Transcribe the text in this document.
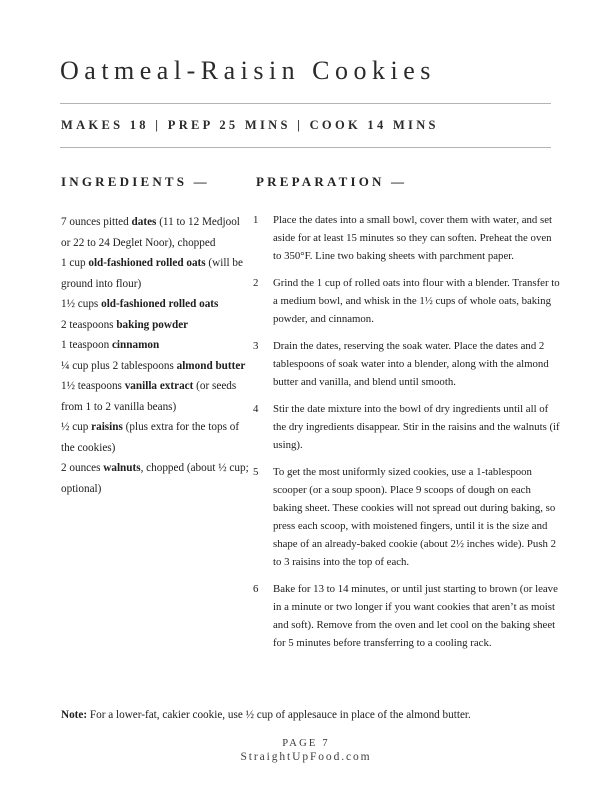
Oatmeal-Raisin Cookies
MAKES 18 | PREP 25 MINS | COOK 14 MINS
INGREDIENTS —	PREPARATION —

7 ounces pitted dates (11 to 12 Medjool or 22 to 24 Deglet Noor), chopped

1 cup old-fashioned rolled oats (will be ground into flour)

1½ cups old-fashioned rolled oats

2 teaspoons baking powder

1 teaspoon cinnamon

¼ cup plus 2 tablespoons almond butter

1½ teaspoons vanilla extract (or seeds from 1 to 2 vanilla beans)

½ cup raisins (plus extra for the tops of the cookies)

2 ounces walnuts, chopped (about ½ cup; optional)

1	Place the dates into a small bowl, cover them with water, and set aside for at least 15 minutes so they can soften. Preheat the oven to 350°F. Line two baking sheets with parchment paper.
2	Grind the 1 cup of rolled oats into flour with a blender. Transfer to a medium bowl, and whisk in the 1½ cups of whole oats, baking powder, and cinnamon.
3	Drain the dates, reserving the soak water. Place the dates and 2 tablespoons of soak water into a blender, along with the almond butter and vanilla, and blend until smooth.
4	Stir the date mixture into the bowl of dry ingredients until all of the dry ingredients disappear. Stir in the raisins and the walnuts (if using).
5	To get the most uniformly sized cookies, use a 1-tablespoon scooper (or a soup spoon). Place 9 scoops of dough on each baking sheet. These cookies will not spread out during baking, so press each scoop, with moistened fingers, until it is the size and shape of an already-baked cookie (about 2½ inches wide). Push 2 to 3 raisins into the top of each.
6	Bake for 13 to 14 minutes, or until just starting to brown (or leave in a minute or two longer if you want cookies that aren’t as moist and soft). Remove from the oven and let cool on the baking sheet for 5 minutes before transferring to a cooling rack.

Note: For a lower-fat, cakier cookie, use ½ cup of applesauce in place of the almond butter.

PAGE 7
StraightUpFood.com
